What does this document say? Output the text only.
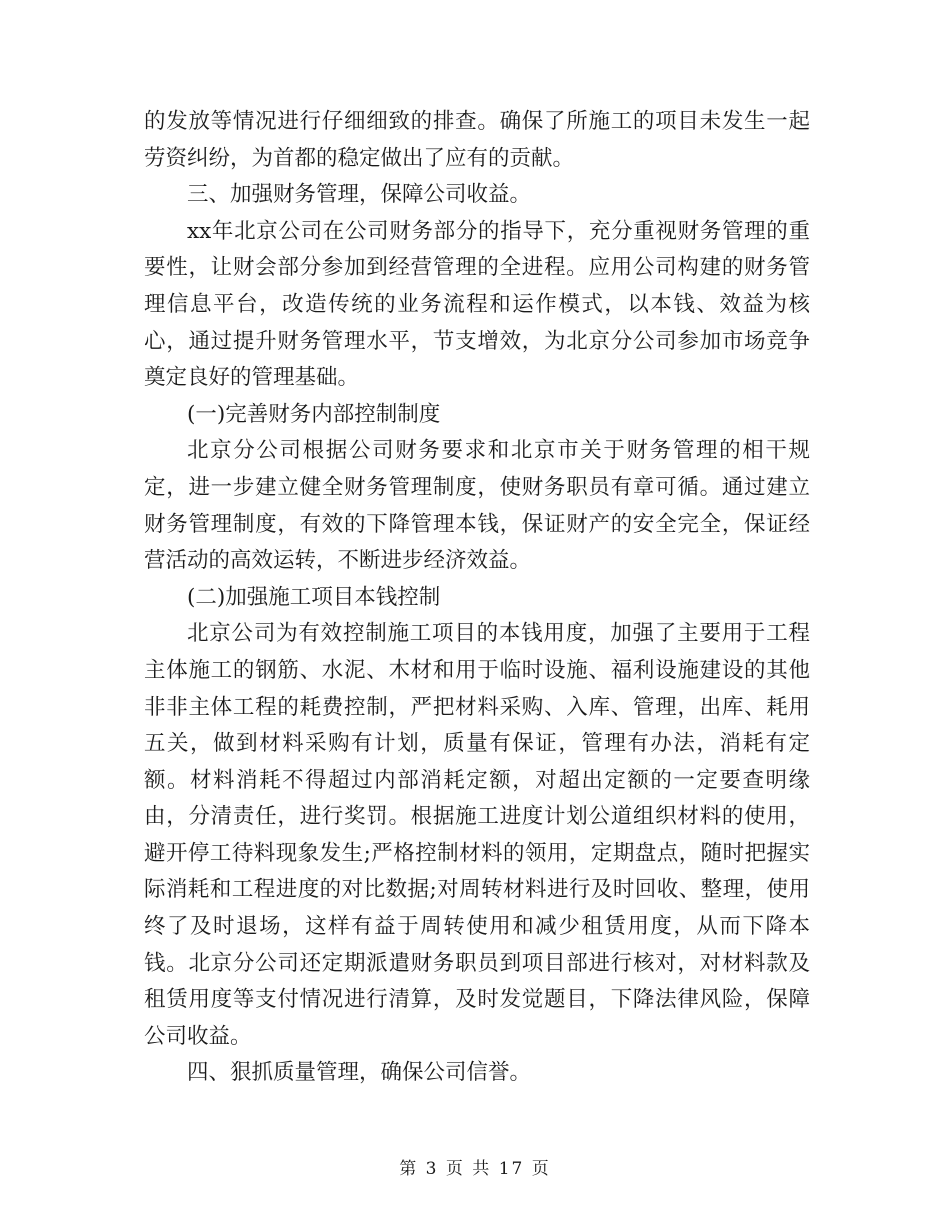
的发放等情况进行仔细细致的排查。确保了所施工的项目未发生一起劳资纠纷，为首都的稳定做出了应有的贡献。

三、加强财务管理，保障公司收益。

xx年北京公司在公司财务部分的指导下，充分重视财务管理的重要性，让财会部分参加到经营管理的全进程。应用公司构建的财务管理信息平台，改造传统的业务流程和运作模式，以本钱、效益为核心，通过提升财务管理水平，节支增效，为北京分公司参加市场竞争奠定良好的管理基础。

(一)完善财务内部控制制度

北京分公司根据公司财务要求和北京市关于财务管理的相干规定，进一步建立健全财务管理制度，使财务职员有章可循。通过建立财务管理制度，有效的下降管理本钱，保证财产的安全完全，保证经营活动的高效运转，不断进步经济效益。

(二)加强施工项目本钱控制

北京公司为有效控制施工项目的本钱用度，加强了主要用于工程主体施工的钢筋、水泥、木材和用于临时设施、福利设施建设的其他非非主体工程的耗费控制，严把材料采购、入库、管理，出库、耗用五关，做到材料采购有计划，质量有保证，管理有办法，消耗有定额。材料消耗不得超过内部消耗定额，对超出定额的一定要查明缘由，分清责任，进行奖罚。根据施工进度计划公道组织材料的使用，避开停工待料现象发生;严格控制材料的领用，定期盘点，随时把握实际消耗和工程进度的对比数据;对周转材料进行及时回收、整理，使用终了及时退场，这样有益于周转使用和减少租赁用度，从而下降本钱。北京分公司还定期派遣财务职员到项目部进行核对，对材料款及租赁用度等支付情况进行清算，及时发觉题目，下降法律风险，保障公司收益。

四、狠抓质量管理，确保公司信誉。

第 3 页 共 17 页
